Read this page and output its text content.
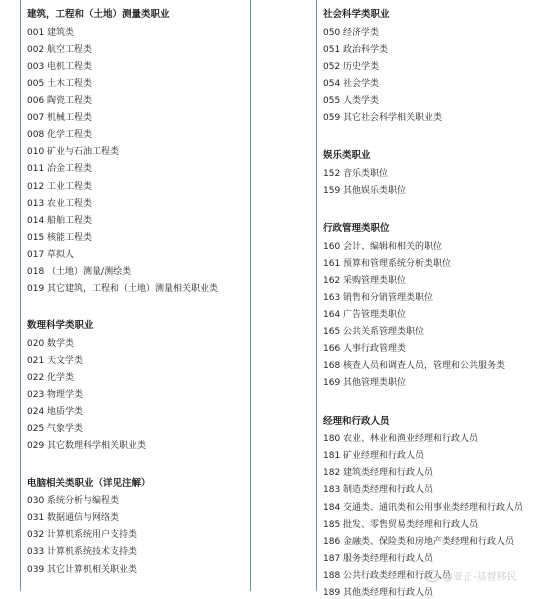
建筑，工程和（土地）测量类职业
001 建筑类
002 航空工程类
003 电机工程类
005 土木工程类
006 陶瓷工程类
007 机械工程类
008 化学工程类
010 矿业与石油工程类
011 冶金工程类
012 工业工程类
013 农业工程类
014 船舶工程类
015 核能工程类
017 草拟人
018 （土地）测量/测绘类
019 其它建筑，工程和（土地）测量相关职业类
数理科学类职业
020 数学类
021 天文学类
022 化学类
023 物理学类
024 地质学类
025 气象学类
029 其它数理科学相关职业类
电脑相关类职业（详见注解）
030 系统分析与编程类
031 数据通信与网络类
032 计算机系统用户支持类
033 计算机系统技术支持类
039 其它计算机相关职业类
社会科学类职业
050 经济学类
051 政治科学类
052 历史学类
054 社会学类
055 人类学类
059 其它社会科学相关职业类
娱乐类职业
152 音乐类职位
159 其他娱乐类职位
行政管理类职位
160 会计、编辑和相关的职位
161 预算和管理系统分析类职位
162 采购管理类职位
163 销售和分销管理类职位
164 广告管理类职位
165 公共关系管理类职位
166 人事行政管理类
168 核查人员和调查人员，管理和公共服务类
169 其他管理类职位
经理和行政人员
180 农业、林业和渔业经理和行政人员
181 矿业经理和行政人员
182 建筑类经理和行政人员
183 制造类经理和行政人员
184 交通类、通讯类和公用事业类经理和行政人员
185 批发、零售贸易类经理和行政人员
186 金融类、保险类和房地产类经理和行政人员
187 服务类经理和行政人员
188 公共行政类经理和行政人员
189 其他类经理和行政人员
@亚正-基督移民
